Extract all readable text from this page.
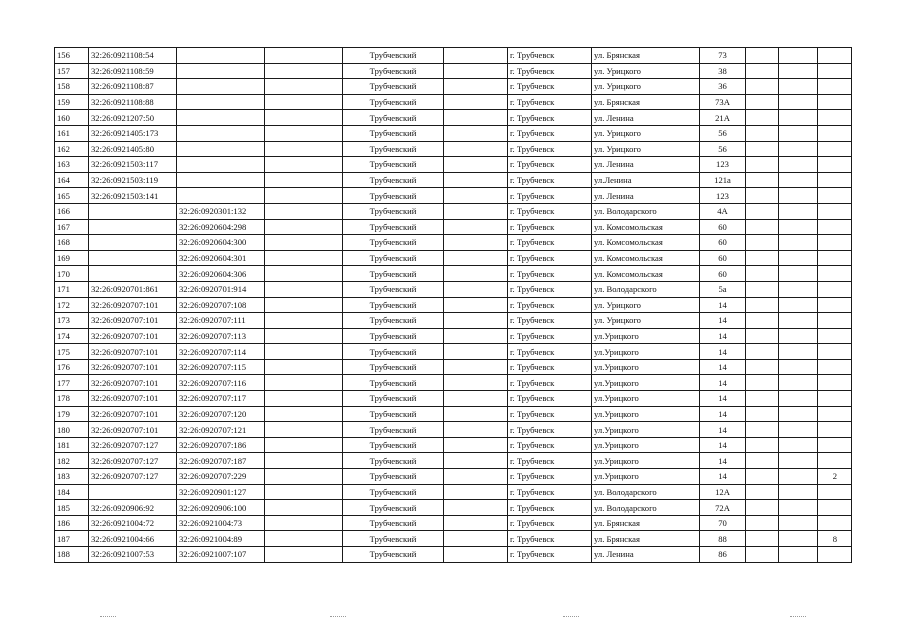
156	32:26:0921108:54			Трубчевский		г. Трубчевск	ул. Брянская	73			
157	32:26:0921108:59			Трубчевский		г. Трубчевск	ул. Урицкого	38			
158	32:26:0921108:87			Трубчевский		г. Трубчевск	ул. Урицкого	36			
159	32:26:0921108:88			Трубчевский		г. Трубчевск	ул. Брянская	73А			
160	32:26:0921207:50			Трубчевский		г. Трубчевск	ул. Ленина	21А			
161	32:26:0921405:173			Трубчевский		г. Трубчевск	ул. Урицкого	56			
162	32:26:0921405:80			Трубчевский		г. Трубчевск	ул. Урицкого	56			
163	32:26:0921503:117			Трубчевский		г. Трубчевск	ул. Ленина	123			
164	32:26:0921503:119			Трубчевский		г. Трубчевск	ул.Ленина	121а			
165	32:26:0921503:141			Трубчевский		г. Трубчевск	ул. Ленина	123			
166		32:26:0920301:132		Трубчевский		г. Трубчевск	ул. Володарского	4А			
167		32:26:0920604:298		Трубчевский		г. Трубчевск	ул. Комсомольская	60			
168		32:26:0920604:300		Трубчевский		г. Трубчевск	ул. Комсомольская	60			
169		32:26:0920604:301		Трубчевский		г. Трубчевск	ул. Комсомольская	60			
170		32:26:0920604:306		Трубчевский		г. Трубчевск	ул. Комсомольская	60			
171	32:26:0920701:861	32:26:0920701:914		Трубчевский		г. Трубчевск	ул. Володарского	5а			
172	32:26:0920707:101	32:26:0920707:108		Трубчевский		г. Трубчевск	ул. Урицкого	14			
173	32:26:0920707:101	32:26:0920707:111		Трубчевский		г. Трубчевск	ул. Урицкого	14			
174	32:26:0920707:101	32:26:0920707:113		Трубчевский		г. Трубчевск	ул.Урицкого	14			
175	32:26:0920707:101	32:26:0920707:114		Трубчевский		г. Трубчевск	ул.Урицкого	14			
176	32:26:0920707:101	32:26:0920707:115		Трубчевский		г. Трубчевск	ул.Урицкого	14			
177	32:26:0920707:101	32:26:0920707:116		Трубчевский		г. Трубчевск	ул.Урицкого	14			
178	32:26:0920707:101	32:26:0920707:117		Трубчевский		г. Трубчевск	ул.Урицкого	14			
179	32:26:0920707:101	32:26:0920707:120		Трубчевский		г. Трубчевск	ул.Урицкого	14			
180	32:26:0920707:101	32:26:0920707:121		Трубчевский		г. Трубчевск	ул.Урицкого	14			
181	32:26:0920707:127	32:26:0920707:186		Трубчевский		г. Трубчевск	ул.Урицкого	14			
182	32:26:0920707:127	32:26:0920707:187		Трубчевский		г. Трубчевск	ул.Урицкого	14			
183	32:26:0920707:127	32:26:0920707:229		Трубчевский		г. Трубчевск	ул.Урицкого	14			2
184		32:26:0920901:127		Трубчевский		г. Трубчевск	ул. Володарского	12А			
185	32:26:0920906:92	32:26:0920906:100		Трубчевский		г. Трубчевск	ул. Володарского	72А			
186	32:26:0921004:72	32:26:0921004:73		Трубчевский		г. Трубчевск	ул. Брянская	70			
187	32:26:0921004:66	32:26:0921004:89		Трубчевский		г. Трубчевск	ул. Брянская	88			8
188	32:26:0921007:53	32:26:0921007:107		Трубчевский		г. Трубчевск	ул. Ленина	86			
